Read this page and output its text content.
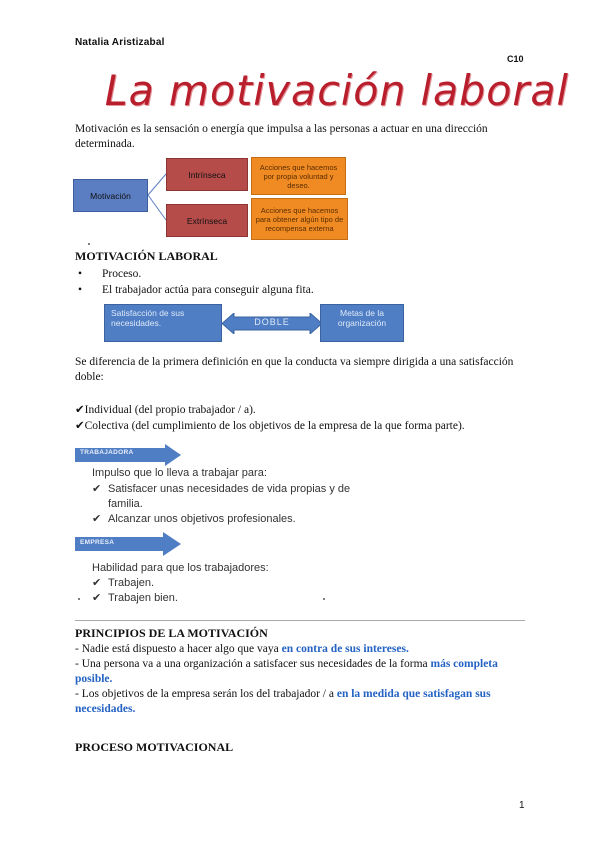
Natalia Aristizabal
C10
La motivación laboral
Motivación es la sensación o energía que impulsa a las personas a actuar en una dirección determinada.
Motivación
Intrínseca
Extrínseca
Acciones que hacemos por propia voluntad y deseo.
Acciones que hacemos para obtener algún tipo de recompensa externa
MOTIVACIÓN LABORAL
• Proceso.
• El trabajador actúa para conseguir alguna fita.
Satisfacción de sus necesidades.	DOBLE
Metas de la organización
Se diferencia de la primera definición en que la conducta va siempre dirigida a una satisfacción doble:
✔Individual (del propio trabajador / a).
✔Colectiva (del cumplimiento de los objetivos de la empresa de la que forma parte).
TRABAJADORA
Impulso que lo lleva a trabajar para:
✔ Satisfacer unas necesidades de vida propias y de familia.
✔ Alcanzar unos objetivos profesionales.
EMPRESA
Habilidad para que los trabajadores:
✔ Trabajen.
✔ Trabajen bien.
PRINCIPIOS DE LA MOTIVACIÓN
- Nadie está dispuesto a hacer algo que vaya en contra de sus intereses.
- Una persona va a una organización a satisfacer sus necesidades de la forma más completa posible.
- Los objetivos de la empresa serán los del trabajador / a en la medida que satisfagan sus necesidades.
PROCESO MOTIVACIONAL
1
